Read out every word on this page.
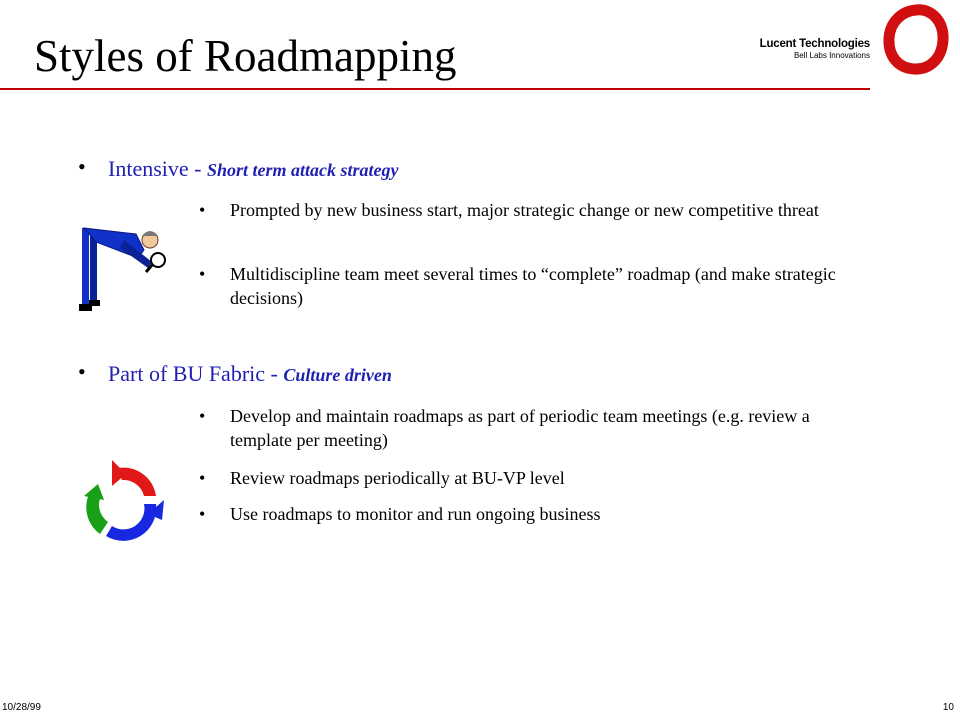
Styles of Roadmapping	Lucent Technologies
Bell Labs Innovations
• Intensive - Short term attack strategy
• Prompted by new business start, major strategic change or new competitive threat
• Multidiscipline team meet several times to “complete” roadmap (and make strategic decisions)
• Part of BU Fabric - Culture driven
• Develop and maintain roadmaps as part of periodic team meetings (e.g. review a template per meeting)
• Review roadmaps periodically at BU-VP level
• Use roadmaps to monitor and run ongoing business
10/28/99	10
